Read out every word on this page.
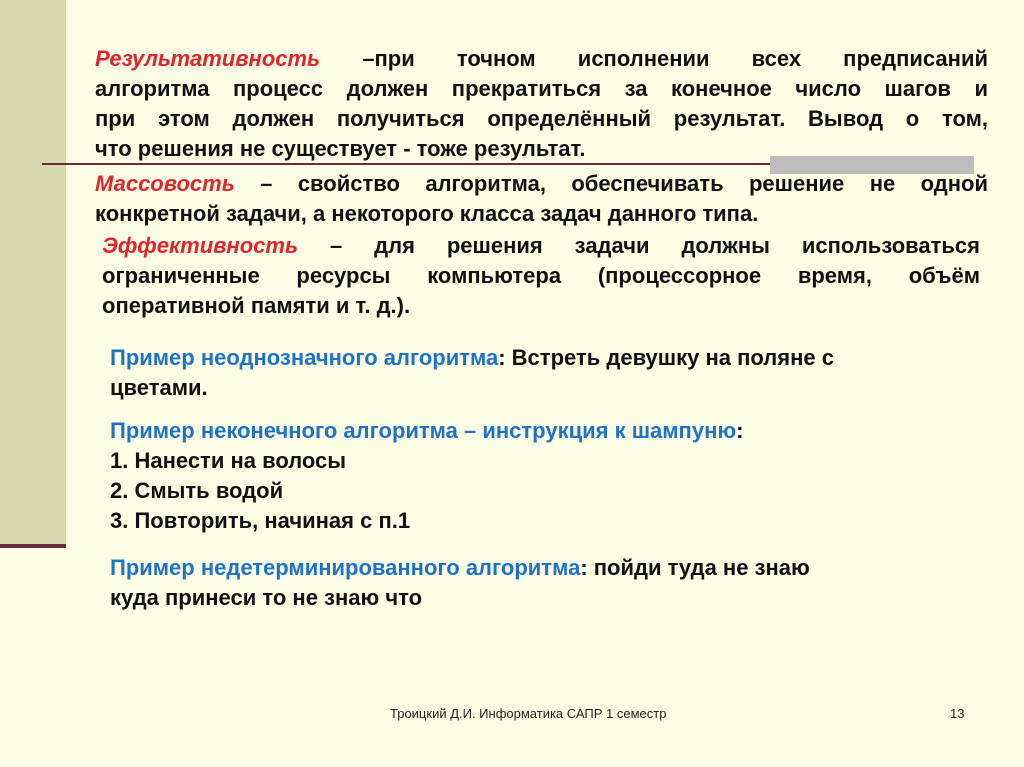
Результативность –при точном исполнении всех предписаний
алгоритма процесс должен прекратиться за конечное число шагов и
при этом должен получиться определённый результат. Вывод о том,
что решения не существует - тоже результат.
Массовость – свойство алгоритма, обеспечивать решение не одной
конкретной задачи, а некоторого класса задач данного типа.
Эффективность – для решения задачи должны использоваться
ограниченные ресурсы компьютера (процессорное время, объём
оперативной памяти и т. д.).
Пример неоднозначного алгоритма: Встреть девушку на поляне с
цветами.
Пример неконечного алгоритма – инструкция к шампуню:
1. Нанести на волосы
2. Смыть водой
3. Повторить, начиная с п.1
Пример недетерминированного алгоритма: пойди туда не знаю
куда принеси то не знаю что
Троицкий Д.И. Информатика САПР 1 семестр	13
